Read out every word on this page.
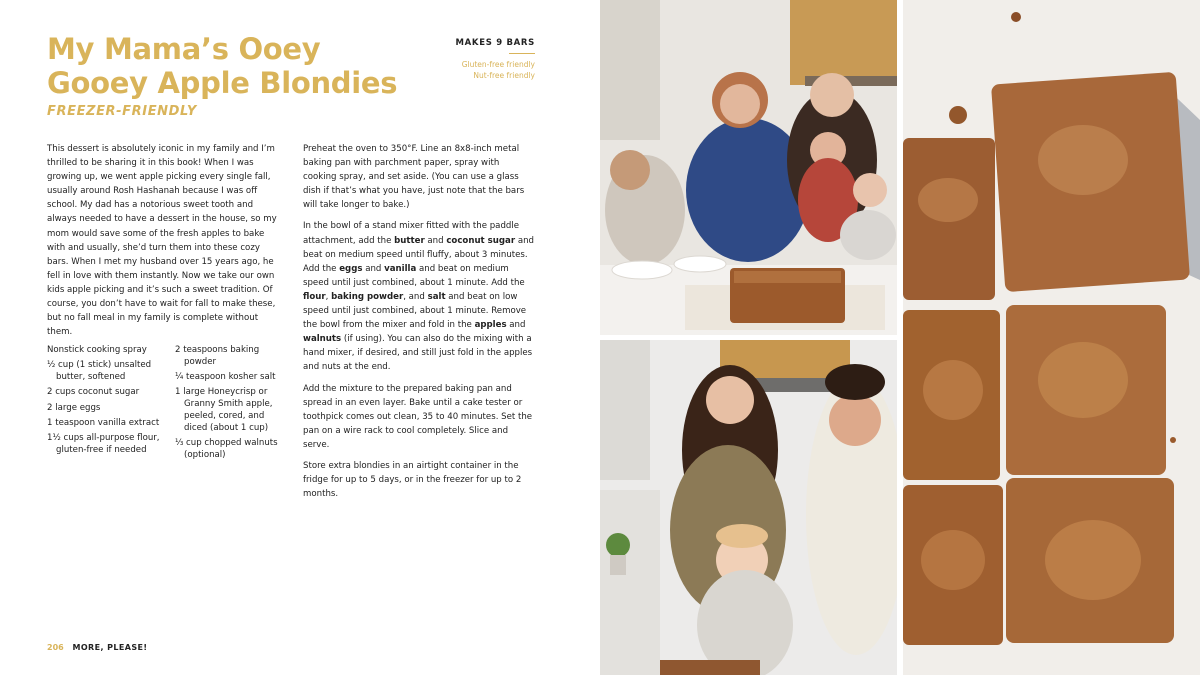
My Mama’s Ooey
Gooey Apple Blondies
FREEZER-FRIENDLY
MAKES 9 BARS
Gluten-free friendly
Nut-free friendly
This dessert is absolutely iconic in my family and I’m thrilled to be sharing it in this book! When I was growing up, we went apple picking every single fall, usually around Rosh Hashanah because I was off school. My dad has a notorious sweet tooth and always needed to have a dessert in the house, so my mom would save some of the fresh apples to bake with and usually, she’d turn them into these cozy bars. When I met my husband over 15 years ago, he fell in love with them instantly. Now we take our own kids apple picking and it’s such a sweet tradition. Of course, you don’t have to wait for fall to make these, but no fall meal in my family is complete without them.
Nonstick cooking spray
½ cup (1 stick) unsalted butter, softened
2 cups coconut sugar
2 large eggs
1 teaspoon vanilla extract
1½ cups all-purpose flour, gluten-free if needed
2 teaspoons baking powder
¼ teaspoon kosher salt
1 large Honeycrisp or Granny Smith apple, peeled, cored, and diced (about 1 cup)
⅓ cup chopped walnuts (optional)

Preheat the oven to 350°F. Line an 8x8-inch metal baking pan with parchment paper, spray with cooking spray, and set aside. (You can use a glass dish if that’s what you have, just note that the bars will take longer to bake.)

In the bowl of a stand mixer fitted with the paddle attachment, add the butter and coconut sugar and beat on medium speed until fluffy, about 3 minutes. Add the eggs and vanilla and beat on medium speed until just combined, about 1 minute. Add the flour, baking powder, and salt and beat on low speed until just combined, about 1 minute. Remove the bowl from the mixer and fold in the apples and walnuts (if using). You can also do the mixing with a hand mixer, if desired, and still just fold in the apples and nuts at the end.

Add the mixture to the prepared baking pan and spread in an even layer. Bake until a cake tester or toothpick comes out clean, 35 to 40 minutes. Set the pan on a wire rack to cool completely. Slice and serve.

Store extra blondies in an airtight container in the fridge for up to 5 days, or in the freezer for up to 2 months.

206 MORE, PLEASE!
